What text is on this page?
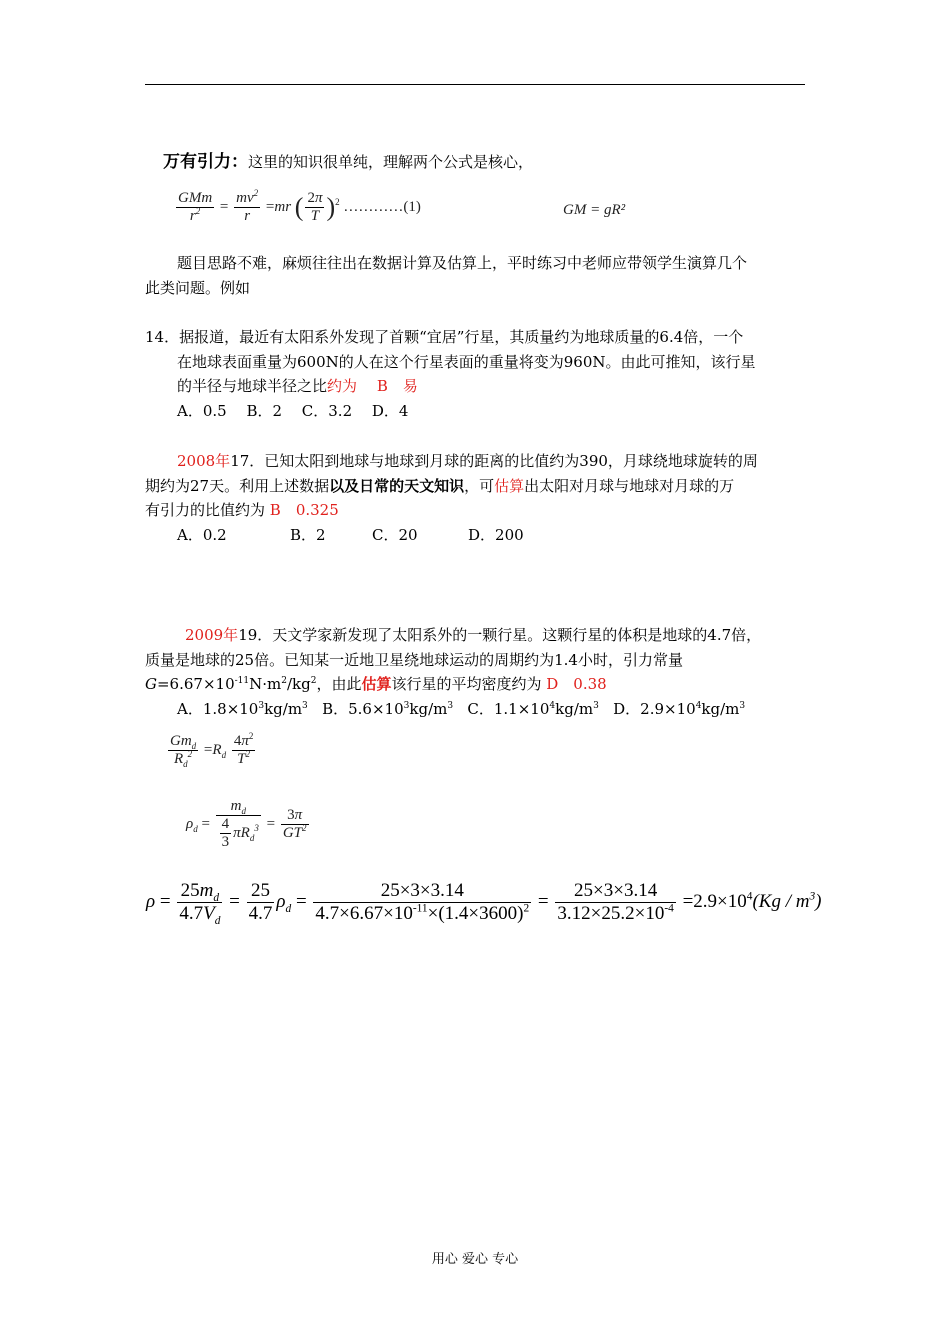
万有引力：这里的知识很单纯，理解两个公式是核心，
$\frac{\text{GMm}}{r^2} = \frac{mv^2}{r} =mr$ ( $\frac{2\pi}{T} )^2$ …………(1)	GM = gR²
题目思路不难，麻烦往往出在数据计算及估算上，平时练习中老师应带领学生演算几个
此类问题。例如
14．据报道，最近有太阳系外发现了首颗“宜居”行星，其质量约为地球质量的6.4倍，一个
在地球表面重量为600N的人在这个行星表面的重量将变为960N。由此可推知，该行星
的半径与地球半径之比约为　 B　易
A．0.5　 B．2　 C．3.2　 D．4
2008年17．已知太阳到地球与地球到月球的距离的比值约为390，月球绕地球旋转的周
期约为27天。利用上述数据以及日常的天文知识，可估算出太阳对月球与地球对月球的万
有引力的比值约为 B　0.325
A．0.2	B．2	C．20	D．200
2009年19．天文学家新发现了太阳系外的一颗行星。这颗行星的体积是地球的4.7倍，
质量是地球的25倍。已知某一近地卫星绕地球运动的周期约为1.4小时，引力常量
$G=6.67\times 10^{-11}N\cdot m^2/kg^2$，由此估算该行星的平均密度约为 D　0.38
A．$1.8\times 10^3kg/m^3$ B．$5.6\times 10^3kg/m^3$ C．$1.1\times 10^4kg/m^3$ D．$2.9\times 10^4kg/m^3$
$\frac{Gm_d}{R_d^2} =R_d \frac{4\pi^2}{T^2}$
$\rho_d = \frac{m_d}{\frac{4}{3} \pi R_d^3} = \frac{3\pi}{GT^2}$
$\rho = \frac{25m_d}{4.7V_d} = \frac{25}{4.7} \rho_d = \frac{25\times 3\times 3.14}{4.7\times 6.67\times 10^{-11}\times(1.4\times 3600)^2} = \frac{25\times 3\times 3.14}{3.12\times 25.2\times 10^{-4}} =2.9\times 10^4(Kg / m^3)$
用心 爱心 专心
